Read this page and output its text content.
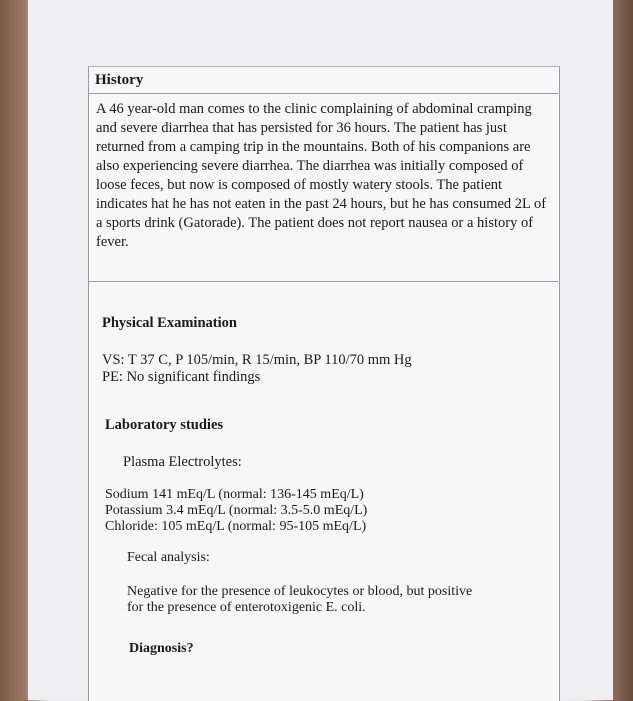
History
A 46 year-old man comes to the clinic complaining of abdominal cramping and severe diarrhea that has persisted for 36 hours. The patient has just returned from a camping trip in the mountains. Both of his companions are also experiencing severe diarrhea. The diarrhea was initially composed of loose feces, but now is composed of mostly watery stools. The patient indicates hat he has not eaten in the past 24 hours, but he has consumed 2L of a sports drink (Gatorade). The patient does not report nausea or a history of fever.
Physical Examination
VS: T 37 C, P 105/min, R 15/min, BP 110/70 mm Hg
PE: No significant findings
Laboratory studies
Plasma Electrolytes:
Sodium 141 mEq/L (normal: 136-145 mEq/L)
Potassium 3.4 mEq/L (normal: 3.5-5.0 mEq/L)
Chloride: 105 mEq/L (normal: 95-105 mEq/L)
Fecal analysis:
Negative for the presence of leukocytes or blood, but positive
for the presence of enterotoxigenic E. coli.
Diagnosis?
